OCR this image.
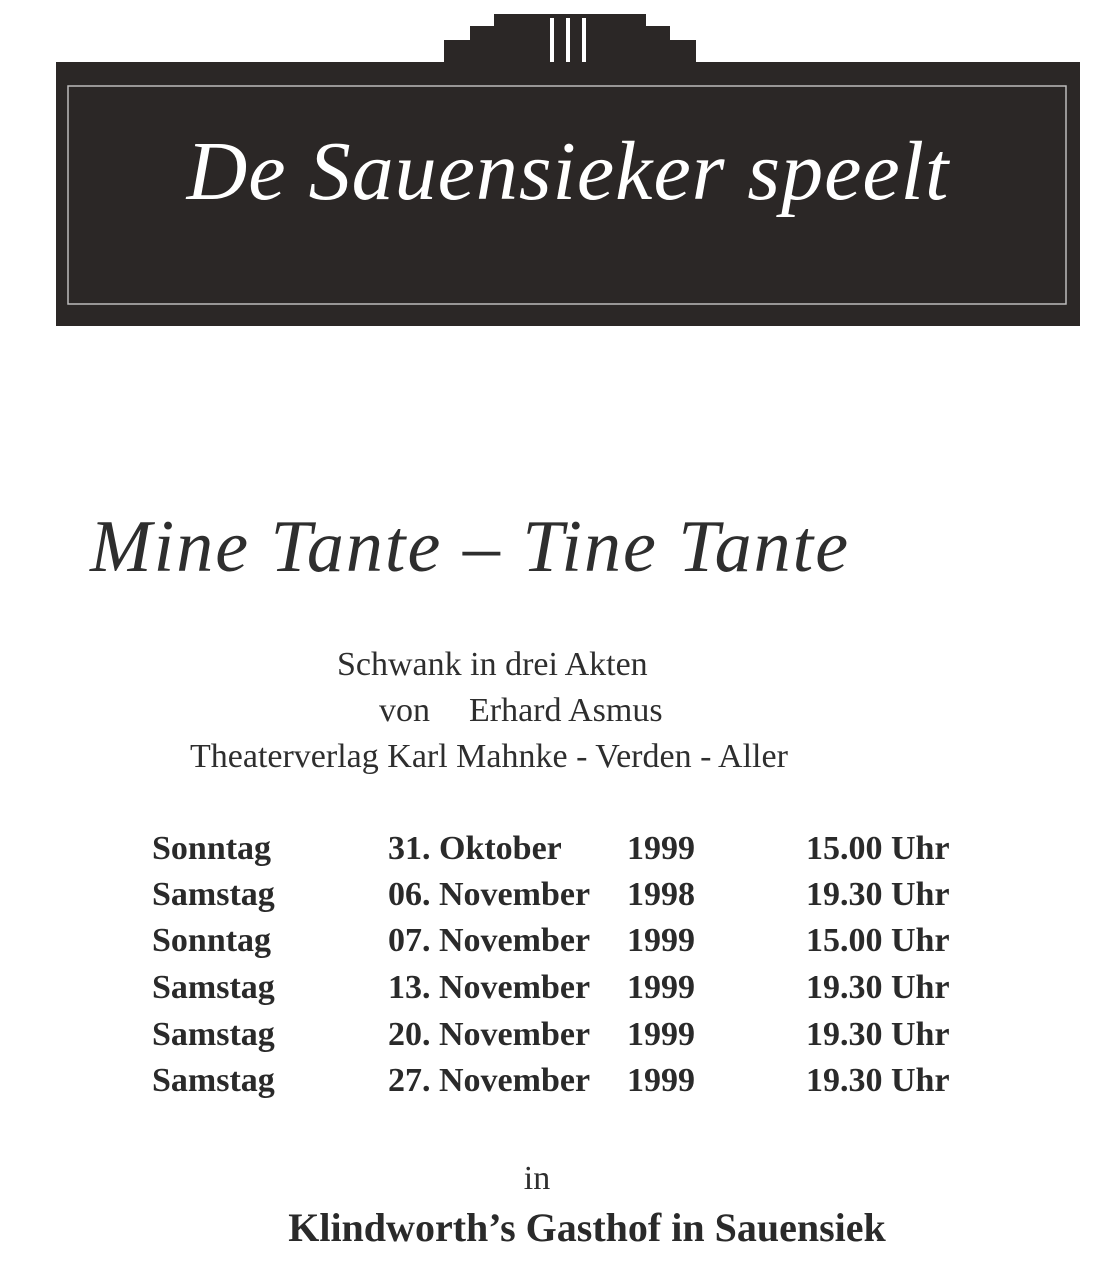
De Sauensieker speelt
Mine Tante – Tine Tante
Schwank in drei Akten
von Erhard Asmus
Theaterverlag Karl Mahnke - Verden - Aller
Sonntag	31. Oktober 1999	15.00 Uhr
Samstag	06. November 1998	19.30 Uhr
Sonntag	07. November 1999	15.00 Uhr
Samstag	13. November 1999	19.30 Uhr
Samstag	20. November 1999	19.30 Uhr
Samstag	27. November 1999	19.30 Uhr
in
Klindworth’s Gasthof in Sauensiek
